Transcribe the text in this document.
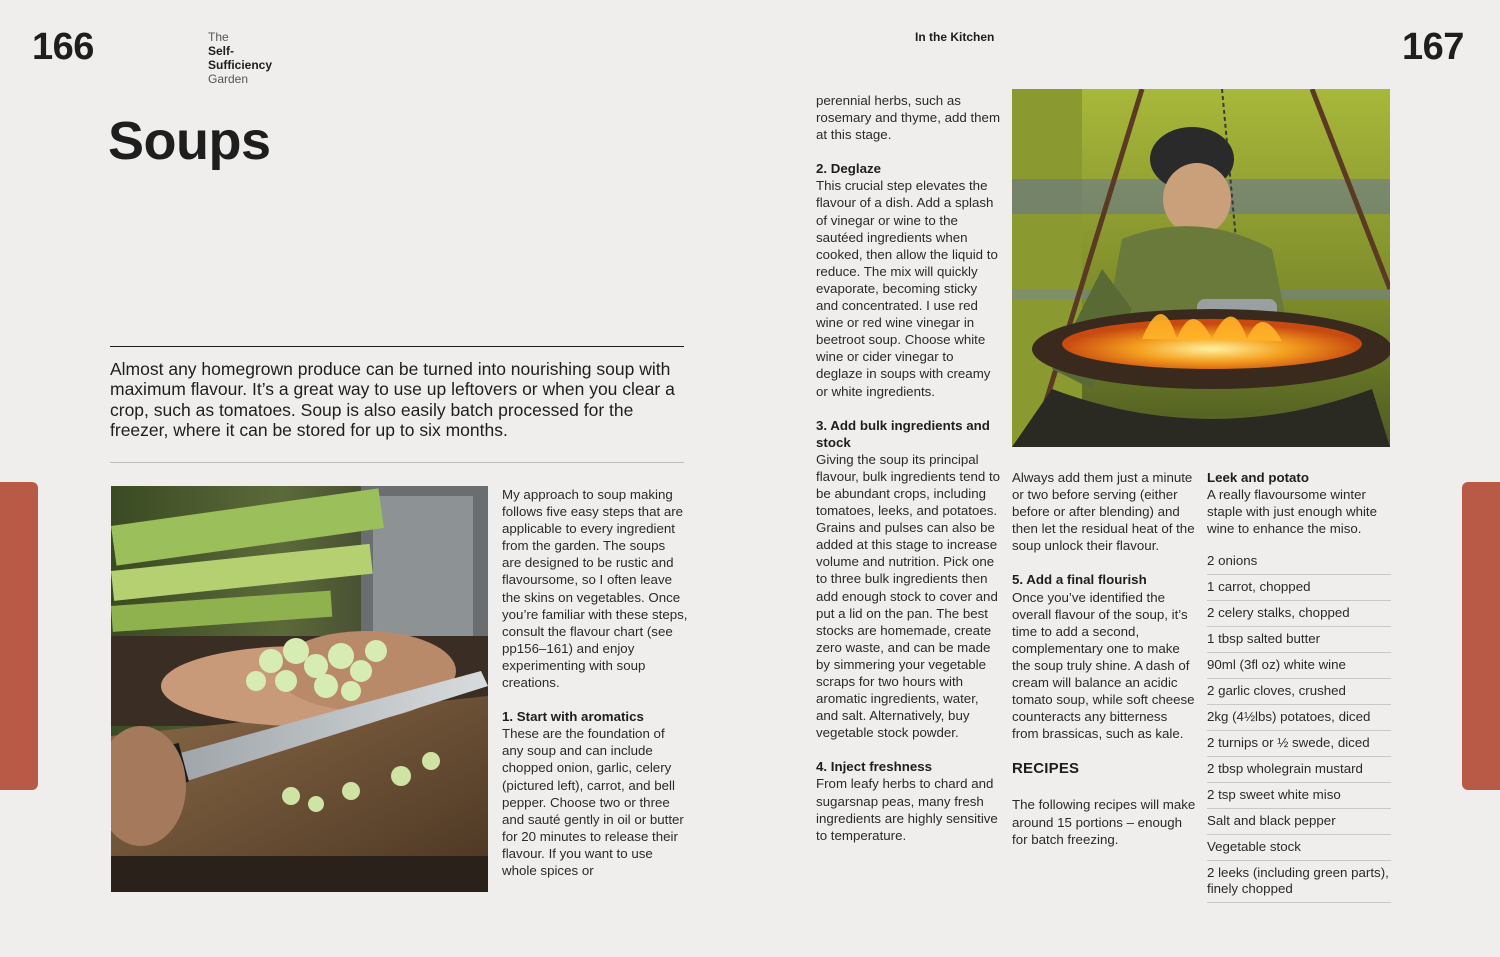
166	The
Self-
Sufficiency
Garden
Soups
Almost any homegrown produce can be turned into nourishing soup with maximum flavour. It’s a great way to use up leftovers or when you clear a crop, such as tomatoes. Soup is also easily batch processed for the freezer, where it can be stored for up to six months.

My approach to soup making follows five easy steps that are applicable to every ingredient from the garden. The soups are designed to be rustic and flavoursome, so I often leave the skins on vegetables. Once you’re familiar with these steps, consult the flavour chart (see pp156–161) and enjoy experimenting with soup creations.

1. Start with aromatics

These are the foundation of any soup and can include chopped onion, garlic, celery (pictured left), carrot, and bell pepper. Choose two or three and sauté gently in oil or butter for 20 minutes to release their flavour. If you want to use whole spices or

In the Kitchen	167

perennial herbs, such as rosemary and thyme, add them at this stage.

2. Deglaze

This crucial step elevates the flavour of a dish. Add a splash of vinegar or wine to the sautéed ingredients when cooked, then allow the liquid to reduce. The mix will quickly evaporate, becoming sticky and concentrated. I use red wine or red wine vinegar in beetroot soup. Choose white wine or cider vinegar to deglaze in soups with creamy or white ingredients.

3. Add bulk ingredients and stock

Giving the soup its principal flavour, bulk ingredients tend to be abundant crops, including tomatoes, leeks, and potatoes. Grains and pulses can also be added at this stage to increase volume and nutrition. Pick one to three bulk ingredients then add enough stock to cover and put a lid on the pan. The best stocks are homemade, create zero waste, and can be made by simmering your vegetable scraps for two hours with aromatic ingredients, water, and salt. Alternatively, buy vegetable stock powder.

4. Inject freshness

From leafy herbs to chard and sugarsnap peas, many fresh ingredients are highly sensitive to temperature.

Always add them just a minute or two before serving (either before or after blending) and then let the residual heat of the soup unlock their flavour.

5. Add a final flourish

Once you’ve identified the overall flavour of the soup, it’s time to add a second, complementary one to make the soup truly shine. A dash of cream will balance an acidic tomato soup, while soft cheese counteracts any bitterness from brassicas, such as kale.

RECIPES

The following recipes will make around 15 portions – enough for batch freezing.

Leek and potato

A really flavoursome winter staple with just enough white wine to enhance the miso.

2 onions
1 carrot, chopped
2 celery stalks, chopped
1 tbsp salted butter
90ml (3fl oz) white wine
2 garlic cloves, crushed
2kg (4½lbs) potatoes, diced
2 turnips or ½ swede, diced
2 tbsp wholegrain mustard
2 tsp sweet white miso
Salt and black pepper
Vegetable stock
2 leeks (including green parts), finely chopped
